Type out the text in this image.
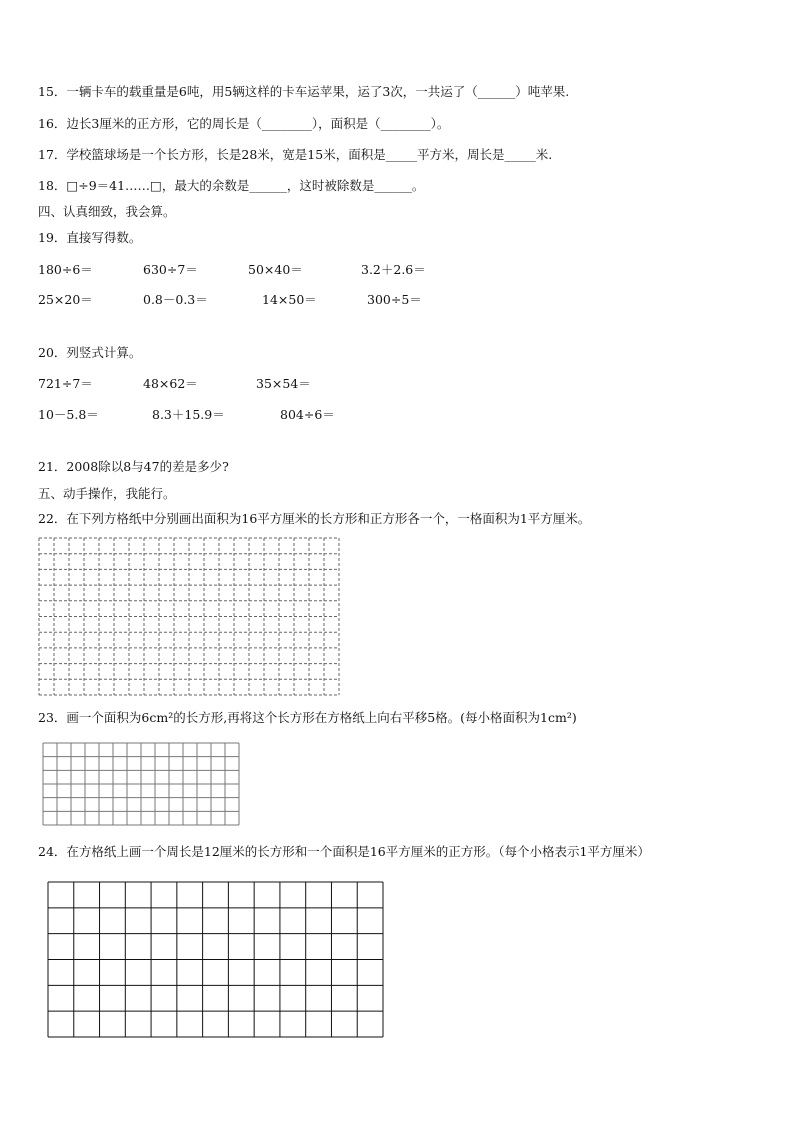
15．一辆卡车的载重量是6吨，用5辆这样的卡车运苹果，运了3次，一共运了（______）吨苹果.
16．边长3厘米的正方形，它的周长是（________），面积是（________）。
17．学校篮球场是一个长方形，长是28米，宽是15米，面积是_____平方米，周长是_____米.
18．□÷9＝41……□，最大的余数是______，这时被除数是______。
四、认真细致，我会算。
19．直接写得数。
180÷6＝	630÷7＝	50×40＝	3.2＋2.6＝
25×20＝	0.8－0.3＝	14×50＝	300÷5＝
20．列竖式计算。
721÷7＝	48×62＝	35×54＝
10－5.8＝	8.3＋15.9＝	804÷6＝
21．2008除以8与47的差是多少?
五、动手操作，我能行。
22．在下列方格纸中分别画出面积为16平方厘米的长方形和正方形各一个，一格面积为1平方厘米。
23．画一个面积为6cm²的长方形,再将这个长方形在方格纸上向右平移5格。(每小格面积为1cm²)
24．在方格纸上画一个周长是12厘米的长方形和一个面积是16平方厘米的正方形。（每个小格表示1平方厘米）
